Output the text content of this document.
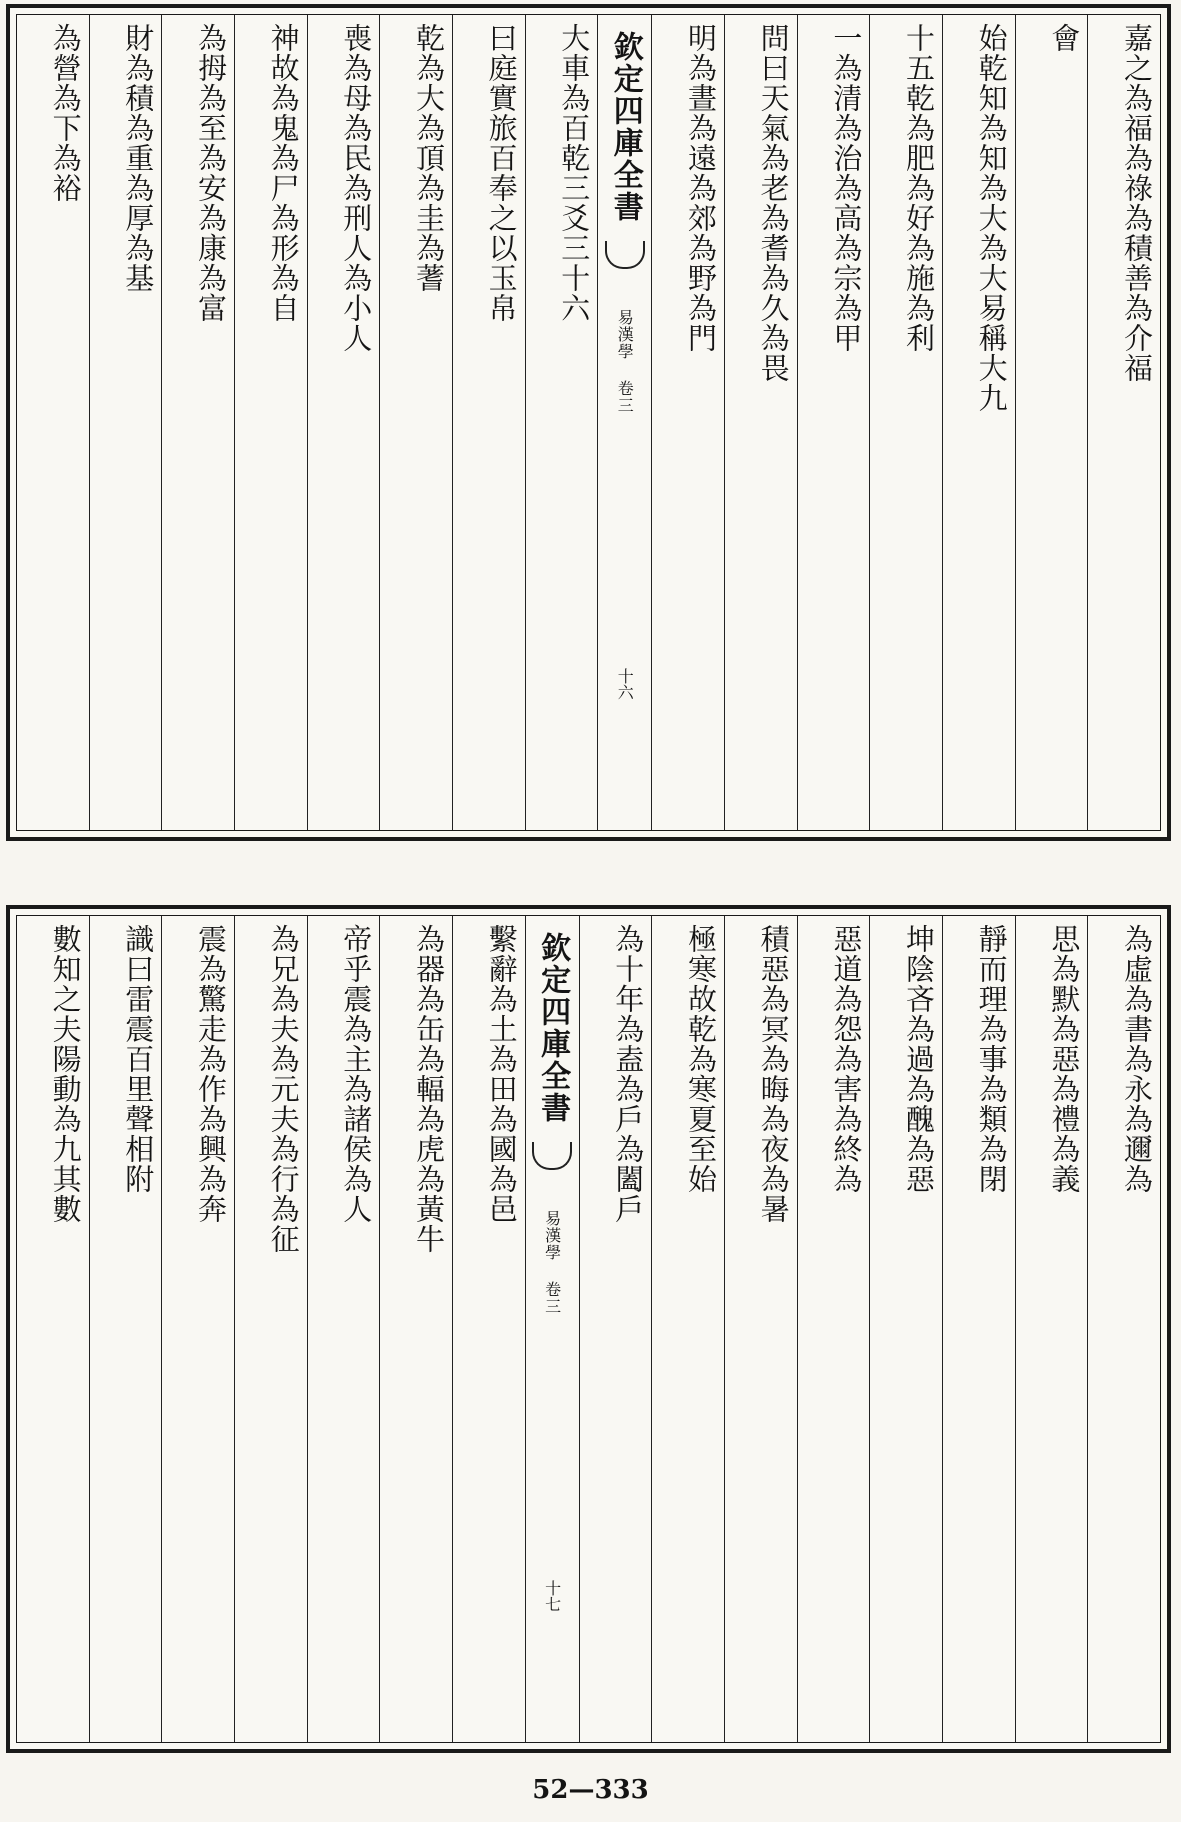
嘉之為福為祿為積善為介福
會
始乾知為知為大為大易稱大九
十五乾為肥為好為施為利
一為清為治為高為宗為甲
問曰天氣為老為耆為久為畏
明為晝為遠為郊為野為門
欽定四庫全書
易漢學 卷三
十六
大車為百乾三爻三十六
曰庭實旅百奉之以玉帛
乾為大為頂為圭為蓍
喪為母為民為刑人為小人
神故為鬼為尸為形為自
為拇為至為安為康為富
財為積為重為厚為基
為營為下為裕
為虛為書為永為邇為
思為默為惡為禮為義
靜而理為事為類為閉
坤陰吝為過為醜為惡
惡道為怨為害為終為
積惡為冥為晦為夜為暑
極寒故乾為寒夏至始
為十年為盍為戶為闔戶
欽定四庫全書
易漢學 卷三
十七
繫辭為土為田為國為邑
為器為缶為輻為虎為黃牛
帝乎震為主為諸侯為人
為兄為夫為元夫為行為征
震為驚走為作為興為奔
識曰雷震百里聲相附
數知之夫陽動為九其數
52—333
